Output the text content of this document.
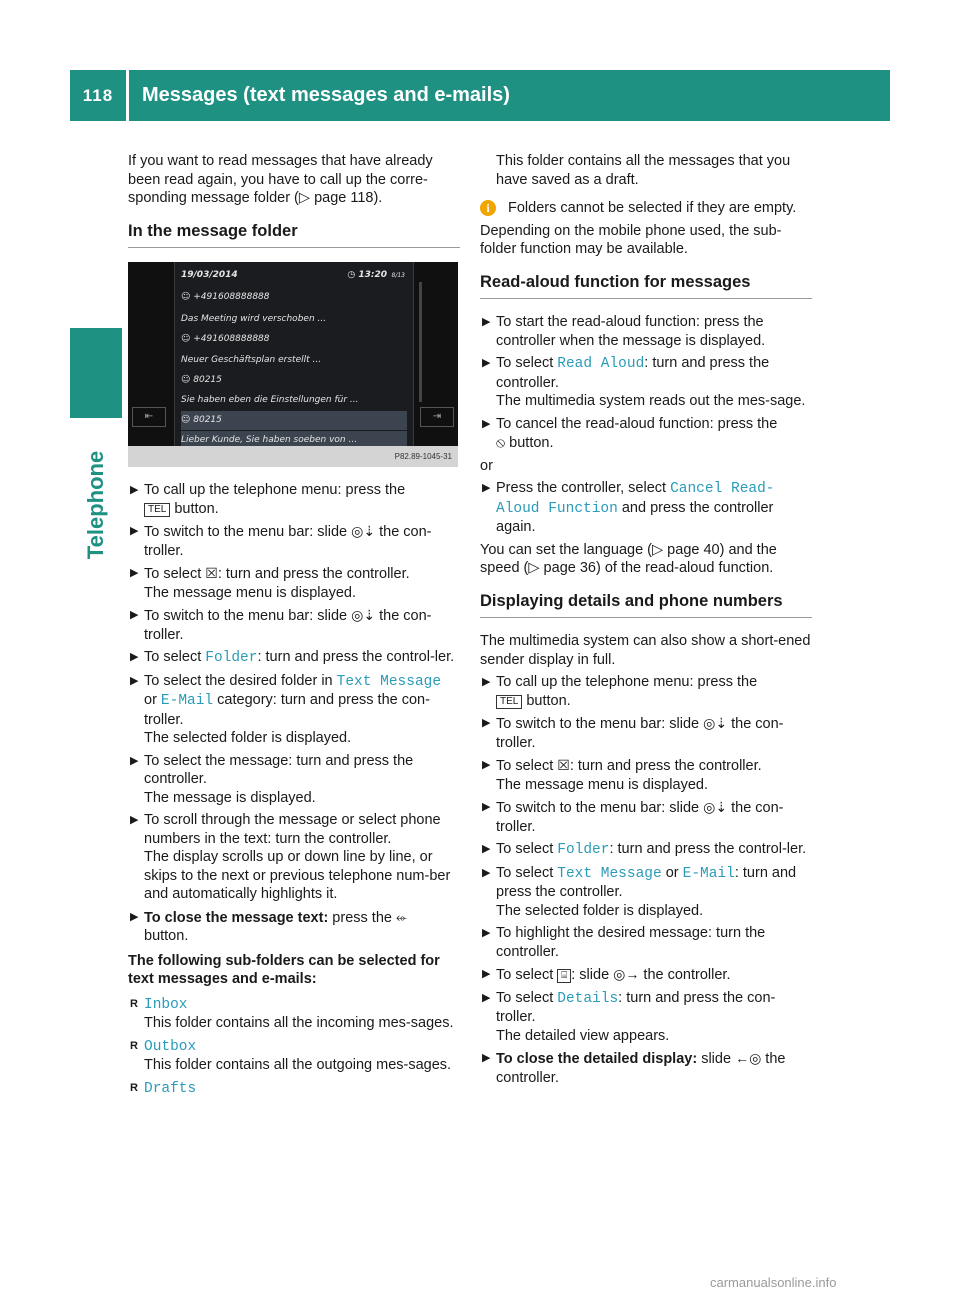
118	Messages (text messages and e-mails)
Telephone

If you want to read messages that have already been read again, you have to call up the corre-
sponding message folder (▷ page 118).

In the message folder
⇤	⇥
19/03/2014	◷ 13:20 8/13
☺ +491608888888
Das Meeting wird verschoben ...
☺ +491608888888
Neuer Geschäftsplan erstellt ...
☺ 80215
Sie haben eben die Einstellungen für ...
☺ 80215
Lieber Kunde, Sie haben soeben von ...
P82.89-1045-31
▶ To call up the telephone menu: press the
TEL button.
▶ To switch to the menu bar: slide ◎⇣ the con-troller.
▶ To select ☒: turn and press the controller.
The message menu is displayed.
▶ To switch to the menu bar: slide ◎⇣ the con-troller.
▶ To select Folder: turn and press the control-ler.
▶ To select the desired folder in Text Message
or E-Mail category: turn and press the con-troller.
The selected folder is displayed.
▶ To select the message: turn and press the controller.
The message is displayed.
▶ To scroll through the message or select phone numbers in the text: turn the controller.
The display scrolls up or down line by line, or skips to the next or previous telephone num-ber and automatically highlights it.
▶ To close the message text: press the ⬰
button.

The following sub-folders can be selected for text messages and e-mails:

R Inbox
This folder contains all the incoming mes-sages.
R Outbox
This folder contains all the outgoing mes-sages.
R Drafts

This folder contains all the messages that you have saved as a draft.

i	Folders cannot be selected if they are empty.

Depending on the mobile phone used, the sub-folder function may be available.

Read-aloud function for messages
▶ To start the read-aloud function: press the controller when the message is displayed.
▶ To select Read Aloud: turn and press the controller.
The multimedia system reads out the mes-sage.
▶ To cancel the read-aloud function: press the
⦸ button.

or

▶ Press the controller, select Cancel Read-
Aloud Function and press the controller again.

You can set the language (▷ page 40) and the speed (▷ page 36) of the read-aloud function.

Displaying details and phone numbers

The multimedia system can also show a short-ened sender display in full.

▶ To call up the telephone menu: press the
TEL button.
▶ To switch to the menu bar: slide ◎⇣ the con-troller.
▶ To select ☒: turn and press the controller.
The message menu is displayed.
▶ To switch to the menu bar: slide ◎⇣ the con-troller.
▶ To select Folder: turn and press the control-ler.
▶ To select Text Message or E-Mail: turn and press the controller.
The selected folder is displayed.
▶ To highlight the desired message: turn the controller.
▶ To select ⌸ : slide ◎→ the controller.
▶ To select Details: turn and press the con-troller.
The detailed view appears.
▶ To close the detailed display: slide ←◎ the controller.
carmanualsonline.info
